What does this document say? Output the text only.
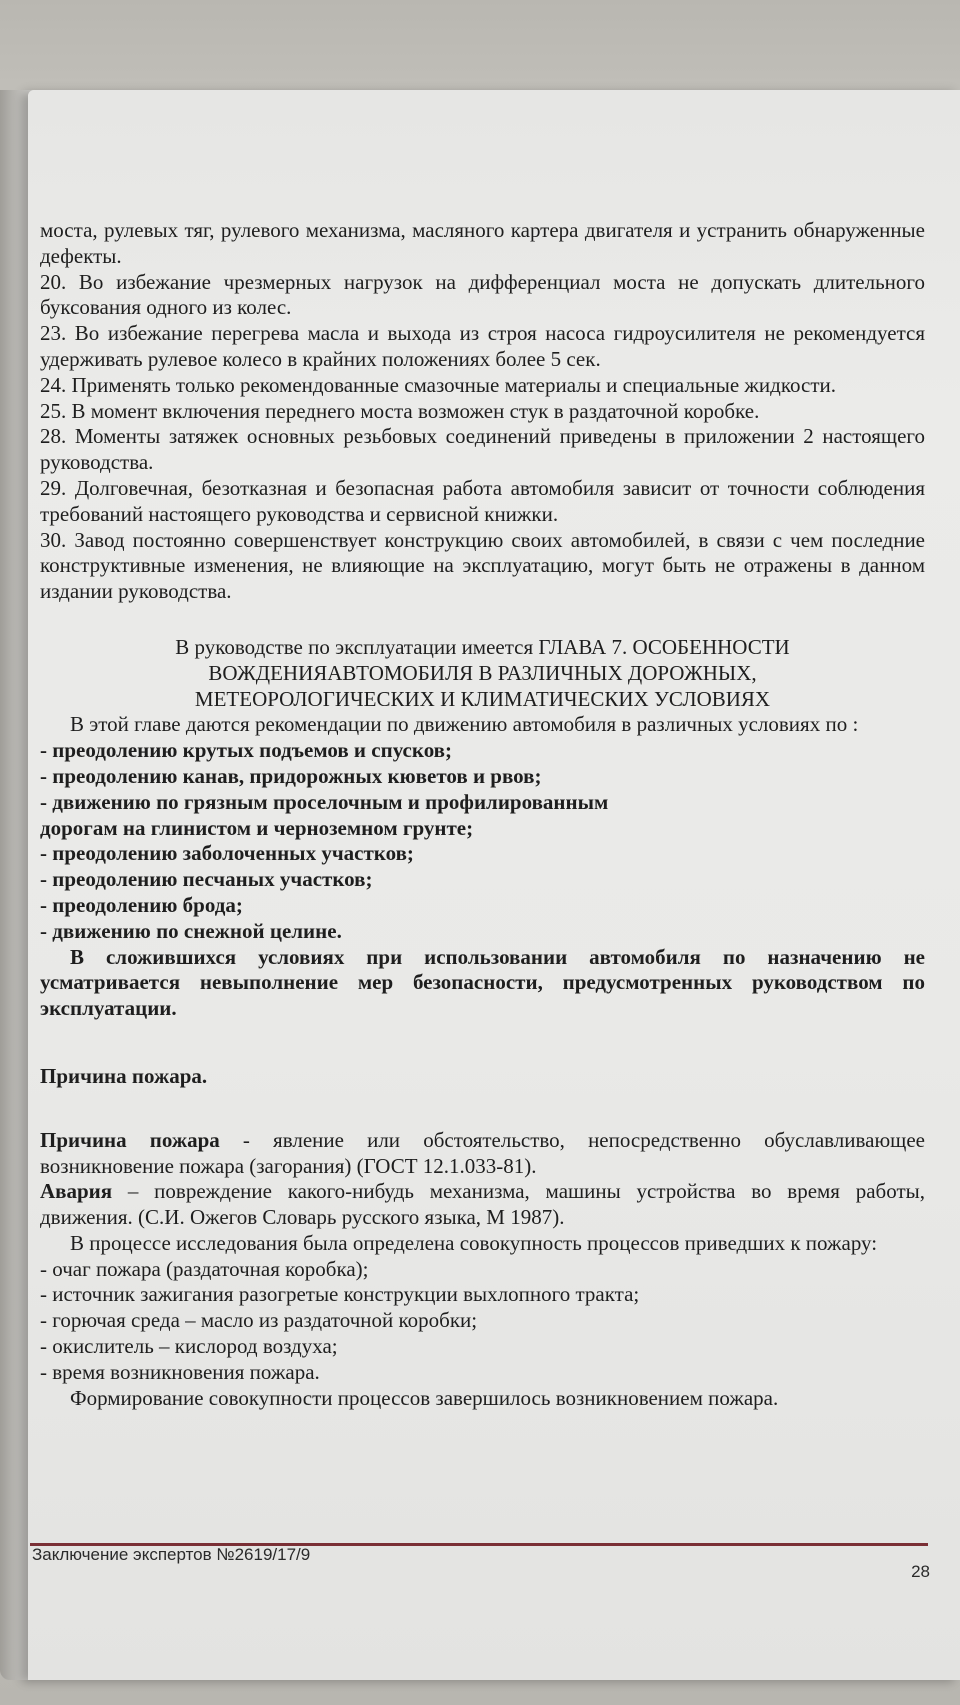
моста, рулевых тяг, рулевого механизма, масляного картера двигателя и устранить обнаруженные дефекты.

20. Во избежание чрезмерных нагрузок на дифференциал моста не допускать длительного буксования одного из колес.

23. Во избежание перегрева масла и выхода из строя насоса гидроусилителя не рекомендуется удерживать рулевое колесо в крайних положениях более 5 сек.

24. Применять только рекомендованные смазочные материалы и специальные жидкости.

25. В момент включения переднего моста возможен стук в раздаточной коробке.

28. Моменты затяжек основных резьбовых соединений приведены в приложении 2 настоящего руководства.

29. Долговечная, безотказная и безопасная работа автомобиля зависит от точности соблюдения требований настоящего руководства и сервисной книжки.

30. Завод постоянно совершенствует конструкцию своих автомобилей, в связи с чем последние конструктивные изменения, не влияющие на эксплуатацию, могут быть не отражены в данном издании руководства.

В руководстве по эксплуатации имеется ГЛАВА 7. ОСОБЕННОСТИ

ВОЖДЕНИЯАВТОМОБИЛЯ В РАЗЛИЧНЫХ ДОРОЖНЫХ,

МЕТЕОРОЛОГИЧЕСКИХ И КЛИМАТИЧЕСКИХ УСЛОВИЯХ

В этой главе даются рекомендации по движению автомобиля в различных условиях по :

- преодолению крутых подъемов и спусков;

- преодолению канав, придорожных кюветов и рвов;

- движению по грязным проселочным и профилированным

дорогам на глинистом и черноземном грунте;

- преодолению заболоченных участков;

- преодолению песчаных участков;

- преодолению брода;

- движению по снежной целине.

В сложившихся условиях при использовании автомобиля по назначению не усматривается невыполнение мер безопасности, предусмотренных руководством по эксплуатации.

Причина пожара.

Причина пожара - явление или обстоятельство, непосредственно обуславливающее возникновение пожара (загорания) (ГОСТ 12.1.033-81).

Авария – повреждение какого-нибудь механизма, машины устройства во время работы, движения. (С.И. Ожегов Словарь русского языка, М 1987).

В процессе исследования была определена совокупность процессов приведших к пожару:

- очаг пожара (раздаточная коробка);

- источник зажигания разогретые конструкции выхлопного тракта;

- горючая среда – масло из раздаточной коробки;

- окислитель – кислород воздуха;

- время возникновения пожара.

Формирование совокупности процессов завершилось возникновением пожара.

Заключение экспертов №2619/17/9
28
